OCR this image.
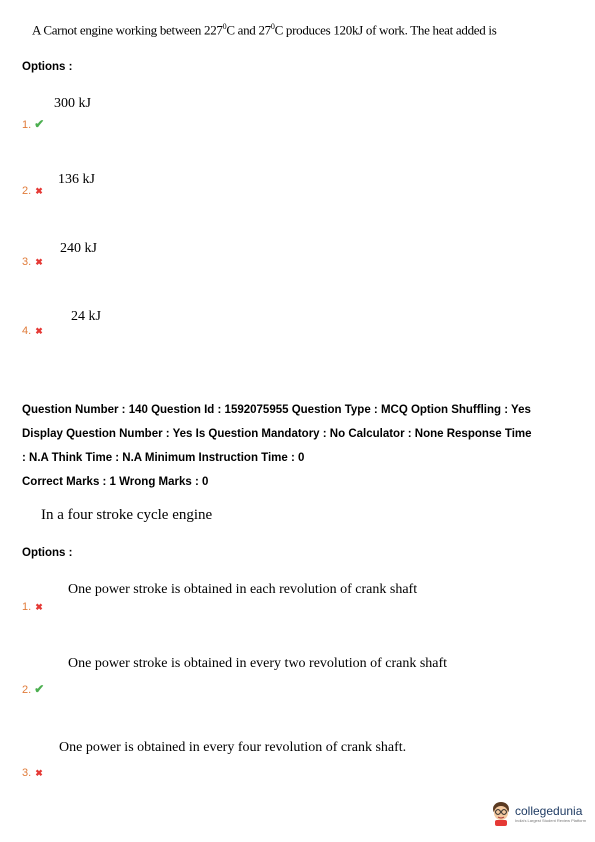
A Carnot engine working between $227^0C$ and $27^0C$ produces 120kJ of work. The heat added is
Options :
300 kJ
1. ✔
136 kJ
2. ✖
240 kJ
3. ✖
24 kJ
4. ✖
Question Number : 140 Question Id : 1592075955 Question Type : MCQ Option Shuffling : Yes
Display Question Number : Yes Is Question Mandatory : No Calculator : None Response Time
: N.A Think Time : N.A Minimum Instruction Time : 0
Correct Marks : 1 Wrong Marks : 0
In a four stroke cycle engine
Options :
One power stroke is obtained in each revolution of crank shaft
1. ✖
One power stroke is obtained in every two revolution of crank shaft
2. ✔
One power is obtained in every four revolution of crank shaft.
3. ✖
collegedunia
India's Largest Student Review Platform
